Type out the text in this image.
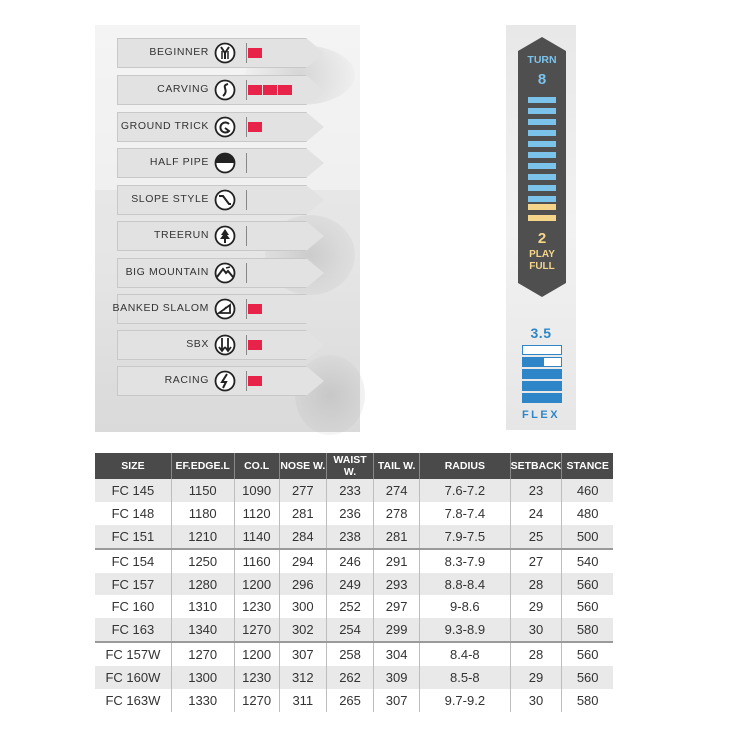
BEGINNER
CARVING
GROUND TRICK
HALF PIPE
SLOPE STYLE
TREERUN
BIG MOUNTAIN
BANKED SLALOM
SBX
RACING
TURN
8
2
PLAY
FULL
3.5
FLEX
SIZE	EF.EDGE.L	CO.L	NOSE W.	WAIST W.	TAIL W.	RADIUS	SETBACK	STANCE
FC 145	1150	1090	277	233	274	7.6-7.2	23	460
FC 148	1180	1120	281	236	278	7.8-7.4	24	480
FC 151	1210	1140	284	238	281	7.9-7.5	25	500
FC 154	1250	1160	294	246	291	8.3-7.9	27	540
FC 157	1280	1200	296	249	293	8.8-8.4	28	560
FC 160	1310	1230	300	252	297	9-8.6	29	560
FC 163	1340	1270	302	254	299	9.3-8.9	30	580
FC 157W	1270	1200	307	258	304	8.4-8	28	560
FC 160W	1300	1230	312	262	309	8.5-8	29	560
FC 163W	1330	1270	311	265	307	9.7-9.2	30	580
